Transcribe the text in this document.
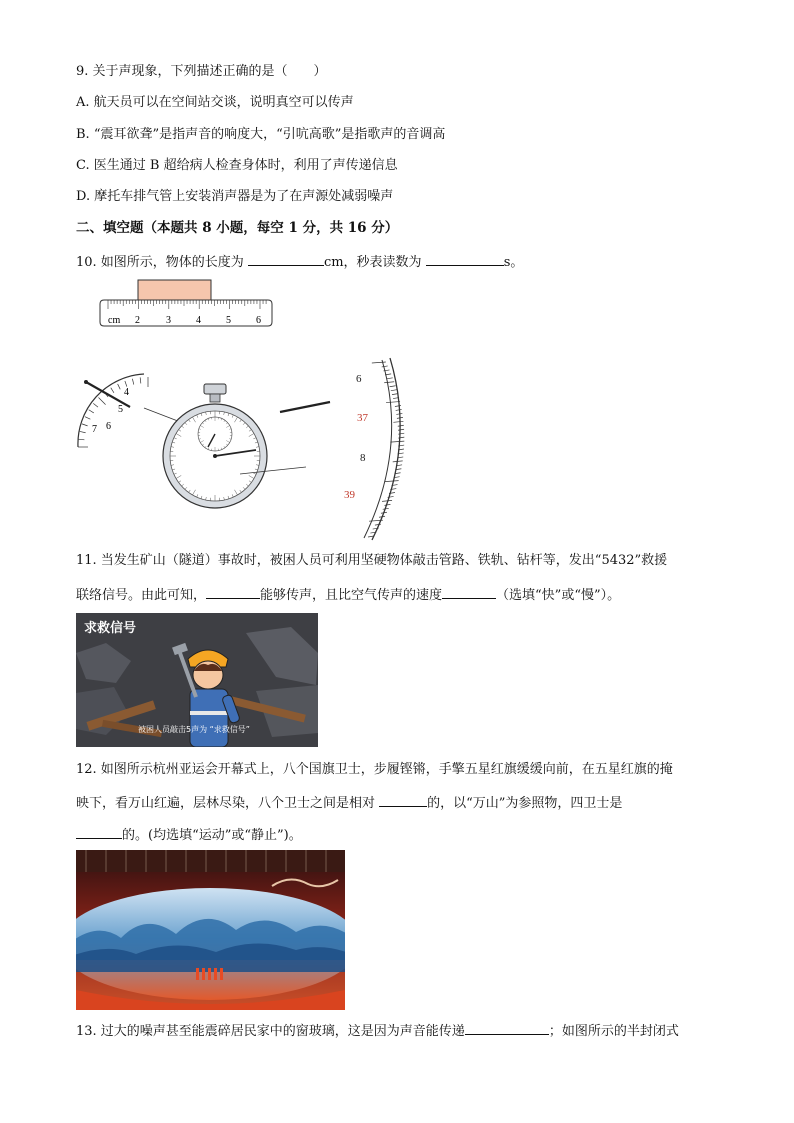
9. 关于声现象，下列描述正确的是（　　）
A. 航天员可以在空间站交谈，说明真空可以传声
B. “震耳欲聋”是指声音的响度大，“引吭高歌”是指歌声的音调高
C. 医生通过 B 超给病人检查身体时，利用了声传递信息
D. 摩托车排气管上安装消声器是为了在声源处减弱噪声
二、填空题（本题共 8 小题，每空 1 分，共 16 分）
10. 如图所示，物体的长度为	cm，秒表读数为	s。
cm 2	3	4	5	6
4
5
6
7
6
37
8
39
11. 当发生矿山（隧道）事故时，被困人员可利用坚硬物体敲击管路、铁轨、钻杆等，发出“5432”救援
联络信号。由此可知，	能够传声，且比空气传声的速度	（选填“快”或“慢”）。
求救信号
被困人员敲击5声为 “求救信号”
12. 如图所示杭州亚运会开幕式上，八个国旗卫士，步履铿锵，手擎五星红旗缓缓向前，在五星红旗的掩
映下，看万山红遍，层林尽染，八个卫士之间是相对	的，以“万山”为参照物，四卫士是
的。(均选填“运动”或“静止”)。
13. 过大的噪声甚至能震碎居民家中的窗玻璃，这是因为声音能传递	；如图所示的半封闭式
